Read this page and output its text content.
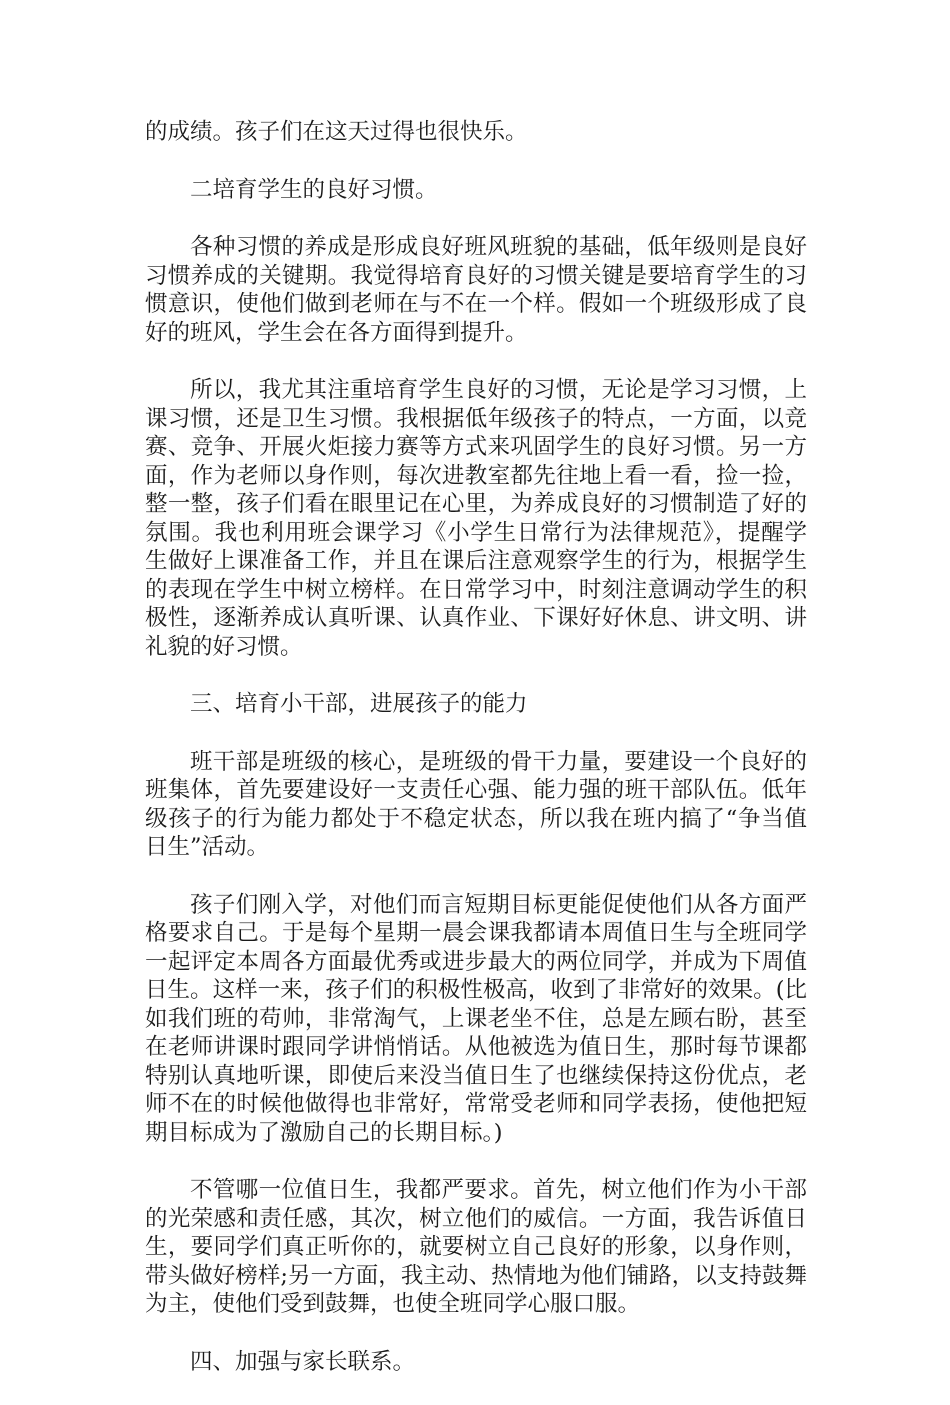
的成绩。孩子们在这天过得也很快乐。

二培育学生的良好习惯。

各种习惯的养成是形成良好班风班貌的基础，低年级则是良好习惯养成的关键期。我觉得培育良好的习惯关键是要培育学生的习惯意识，使他们做到老师在与不在一个样。假如一个班级形成了良好的班风，学生会在各方面得到提升。

所以，我尤其注重培育学生良好的习惯，无论是学习习惯，上课习惯，还是卫生习惯。我根据低年级孩子的特点，一方面，以竞赛、竞争、开展火炬接力赛等方式来巩固学生的良好习惯。另一方面，作为老师以身作则，每次进教室都先往地上看一看，捡一捡，整一整，孩子们看在眼里记在心里，为养成良好的习惯制造了好的氛围。我也利用班会课学习《小学生日常行为法律规范》，提醒学生做好上课准备工作，并且在课后注意观察学生的行为，根据学生的表现在学生中树立榜样。在日常学习中，时刻注意调动学生的积极性，逐渐养成认真听课、认真作业、下课好好休息、讲文明、讲礼貌的好习惯。

三、培育小干部，进展孩子的能力

班干部是班级的核心，是班级的骨干力量，要建设一个良好的班集体，首先要建设好一支责任心强、能力强的班干部队伍。低年级孩子的行为能力都处于不稳定状态，所以我在班内搞了“争当值日生”活动。

孩子们刚入学，对他们而言短期目标更能促使他们从各方面严格要求自己。于是每个星期一晨会课我都请本周值日生与全班同学一起评定本周各方面最优秀或进步最大的两位同学，并成为下周值日生。这样一来，孩子们的积极性极高，收到了非常好的效果。(比如我们班的苟帅，非常淘气，上课老坐不住，总是左顾右盼，甚至在老师讲课时跟同学讲悄悄话。从他被选为值日生，那时每节课都特别认真地听课，即使后来没当值日生了也继续保持这份优点，老师不在的时候他做得也非常好，常常受老师和同学表扬，使他把短期目标成为了激励自己的长期目标。)

不管哪一位值日生，我都严要求。首先，树立他们作为小干部的光荣感和责任感，其次，树立他们的威信。一方面，我告诉值日生，要同学们真正听你的，就要树立自己良好的形象，以身作则，带头做好榜样;另一方面，我主动、热情地为他们铺路，以支持鼓舞为主，使他们受到鼓舞，也使全班同学心服口服。

四、加强与家长联系。
